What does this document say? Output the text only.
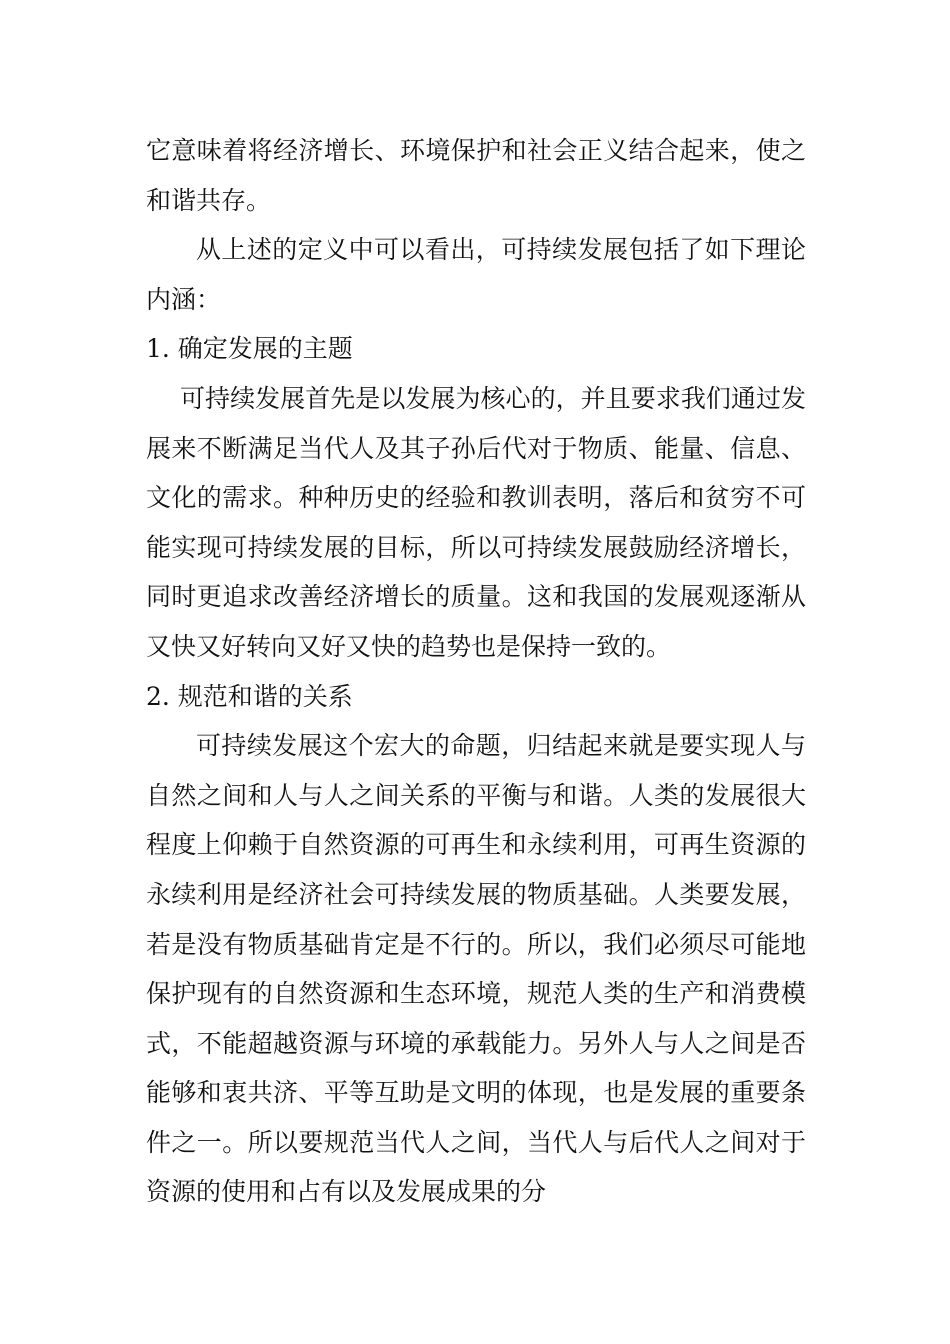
它意味着将经济增长、环境保护和社会正义结合起来，使之和谐共存。

从上述的定义中可以看出，可持续发展包括了如下理论内涵：

1. 确定发展的主题

可持续发展首先是以发展为核心的，并且要求我们通过发展来不断满足当代人及其子孙后代对于物质、能量、信息、文化的需求。种种历史的经验和教训表明，落后和贫穷不可能实现可持续发展的目标，所以可持续发展鼓励经济增长，同时更追求改善经济增长的质量。这和我国的发展观逐渐从又快又好转向又好又快的趋势也是保持一致的。

2. 规范和谐的关系

可持续发展这个宏大的命题，归结起来就是要实现人与自然之间和人与人之间关系的平衡与和谐。人类的发展很大程度上仰赖于自然资源的可再生和永续利用，可再生资源的永续利用是经济社会可持续发展的物质基础。人类要发展，若是没有物质基础肯定是不行的。所以，我们必须尽可能地保护现有的自然资源和生态环境，规范人类的生产和消费模式，不能超越资源与环境的承载能力。另外人与人之间是否能够和衷共济、平等互助是文明的体现，也是发展的重要条件之一。所以要规范当代人之间，当代人与后代人之间对于资源的使用和占有以及发展成果的分
